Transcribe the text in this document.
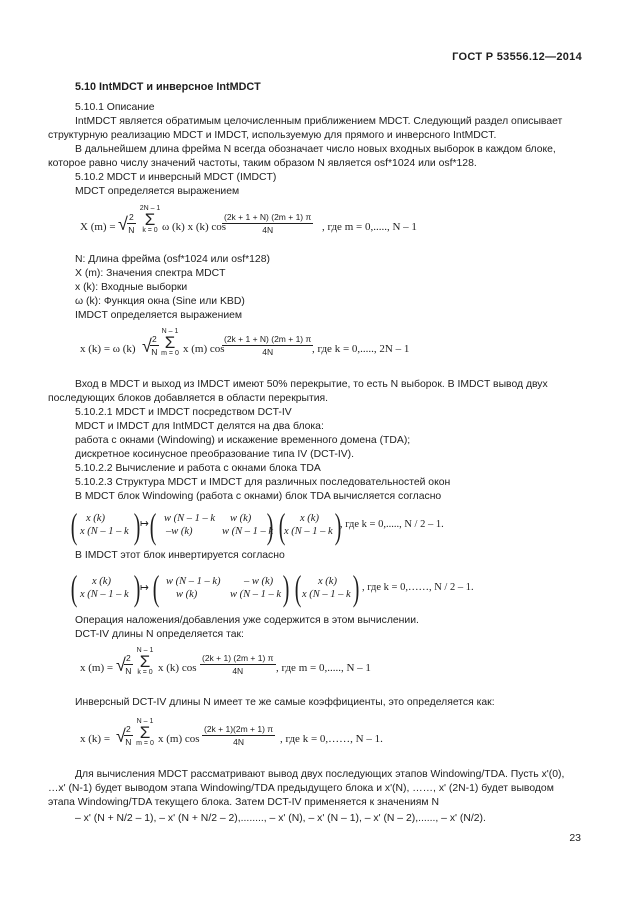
ГОСТ Р 53556.12—2014
5.10 IntMDCT и инверсное IntMDCT
5.10.1 Описание
IntMDCT является обратимым целочисленным приближением MDCT. Следующий раздел описывает
структурную реализацию MDCT и IMDCT, используемую для прямого и инверсного IntMDCT.
В дальнейшем длина фрейма N всегда обозначает число новых входных выборок в каждом блоке,
которое равно числу значений частоты, таким образом N является osf*1024 или osf*128.
5.10.2 MDCT и инверсный MDCT (IMDCT)
MDCT определяется выражением
X (m) = √ $\frac{2}{N}$
2N – 1
Σ
k = 0 ω (k) x (k) cos
$\frac{(2k + 1 + N) (2m + 1) \pi}{4N}$ , где m = 0,....., N – 1
N: Длина фрейма (osf*1024 или osf*128)
X (m): Значения спектра MDCT
x (k): Входные выборки
ω (k): Функция окна (Sine или KBD)
IMDCT определяется выражением
x (k) = ω (k) √
$\frac{2}{N}$
N – 1
Σ
m = 0 x (m) cos
$\frac{(2k + 1 + N) (2m + 1) \pi}{4N}$
, где k = 0,....., 2N – 1
Вход в MDCT и выход из IMDCT имеют 50% перекрытие, то есть N выборок. В IMDCT вывод двух
последующих блоков добавляется в области перекрытия.
5.10.2.1 MDCT и IMDCT посредством DCT-IV
MDCT и IMDCT для IntMDCT делятся на два блока:
работа с окнами (Windowing) и искажение временного домена (TDA);
дискретное косинусное преобразование типа IV (DCT-IV).
5.10.2.2 Вычисление и работа с окнами блока TDA
5.10.2.3 Структура MDCT и IMDCT для различных последовательностей окон
В MDCT блок Windowing (работа с окнами) блок TDA вычисляется согласно
( x (k)
x (N – 1 – k ) ↦ ( w (N – 1 – k w (k)
–w (k)	w (N – 1 – k
) ( x (k)
x (N – 1 – k )
, где k = 0,....., N / 2 – 1.
В IMDCT этот блок инвертируется согласно
( x (k)
x (N – 1 – k ) ↦ ( w (N – 1 – k) – w (k)
w (k)	w (N – 1 – k ) ( x (k)
x (N – 1 – k ) , где k = 0,……, N / 2 – 1.
Операция наложения/добавления уже содержится в этом вычислении.
DCT-IV длины N определяется так:
x (m) = √
$\frac{2}{N}$
N – 1
Σ
k = 0 x (k) $\cos \frac{(2k + 1) (2m + 1) \pi}{4N}$ , где m = 0,....., N – 1
Инверсный DCT-IV длины N имеет те же самые коэффициенты, это определяется как:
x (k) = √
$\frac{2}{N}$
N – 1
Σ
m = 0 x (m) $\cos \frac{(2k + 1)(2m + 1) \pi}{4N}$ , где k = 0,……, N – 1.
Для вычисления MDCT рассматривают вывод двух последующих этапов Windowing/TDA. Пусть x'(0),
…x' (N-1) будет выводом этапа Windowing/TDA предыдущего блока и x'(N), ……, x' (2N-1) будет выводом
этапа Windowing/TDA текущего блока. Затем DCT-IV применяется к значениям N
– x' (N + N/2 – 1), – x' (N + N/2 – 2),........, – x' (N), – x' (N – 1), – x' (N – 2),......, – x' (N/2).
23
